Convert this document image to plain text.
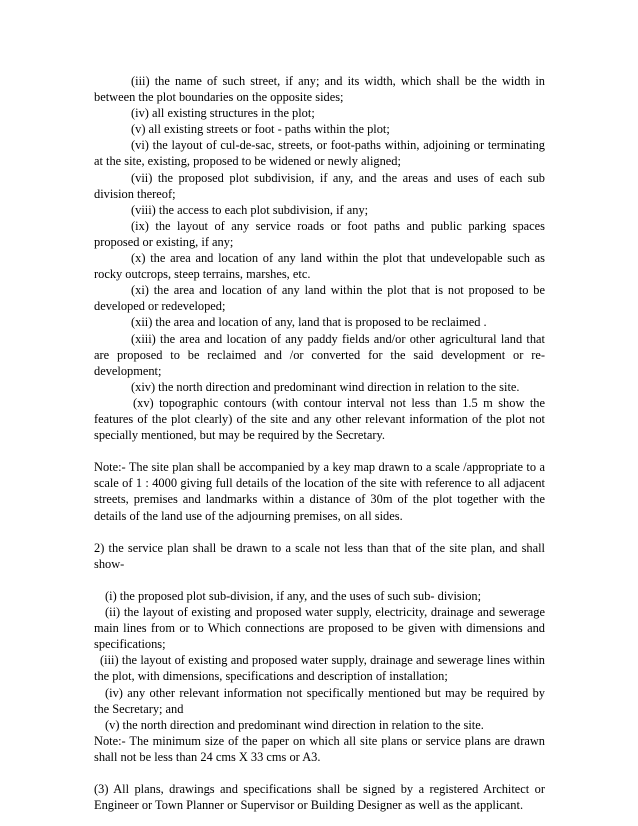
(iii) the name of such street, if any; and its width, which shall be the width in between the plot boundaries on the opposite sides;

(iv) all existing structures in the plot;

(v) all existing streets or foot - paths within the plot;

(vi) the layout of cul-de-sac, streets, or foot-paths within, adjoining or terminating at the site, existing, proposed to be widened or newly aligned;

(vii) the proposed plot subdivision, if any, and the areas and uses of each sub division thereof;

(viii) the access to each plot subdivision, if any;

(ix) the layout of any service roads or foot paths and public parking spaces proposed or existing, if any;

(x) the area and location of any land within the plot that undevelopable such as rocky outcrops, steep terrains, marshes, etc.

(xi) the area and location of any land within the plot that is not proposed to be developed or redeveloped;

(xii) the area and location of any, land that is proposed to be reclaimed .

(xiii) the area and location of any paddy fields and/or other agricultural land that are proposed to be reclaimed and /or converted for the said development or re-development;

(xiv) the north direction and predominant wind direction in relation to the site.

(xv) topographic contours (with contour interval not less than 1.5 m show the features of the plot clearly) of the site and any other relevant information of the plot not specially mentioned, but may be required by the Secretary.

Note:- The site plan shall be accompanied by a key map drawn to a scale /appropriate to a scale of 1 : 4000 giving full details of the location of the site with reference to all adjacent streets, premises and landmarks within a distance of 30m of the plot together with the details of the land use of the adjourning premises, on all sides.

2) the service plan shall be drawn to a scale not less than that of the site plan, and shall show-

(i) the proposed plot sub-division, if any, and the uses of such sub- division;

(ii) the layout of existing and proposed water supply, electricity, drainage and sewerage main lines from or to Which connections are proposed to be given with dimensions and specifications;

(iii) the layout of existing and proposed water supply, drainage and sewerage lines within the plot, with dimensions, specifications and description of installation;

(iv) any other relevant information not specifically mentioned but may be required by the Secretary; and

(v) the north direction and predominant wind direction in relation to the site.

Note:- The minimum size of the paper on which all site plans or service plans are drawn shall not be less than 24 cms X 33 cms or A3.

(3) All plans, drawings and specifications shall be signed by a registered Architect or Engineer or Town Planner or Supervisor or Building Designer as well as the applicant.
